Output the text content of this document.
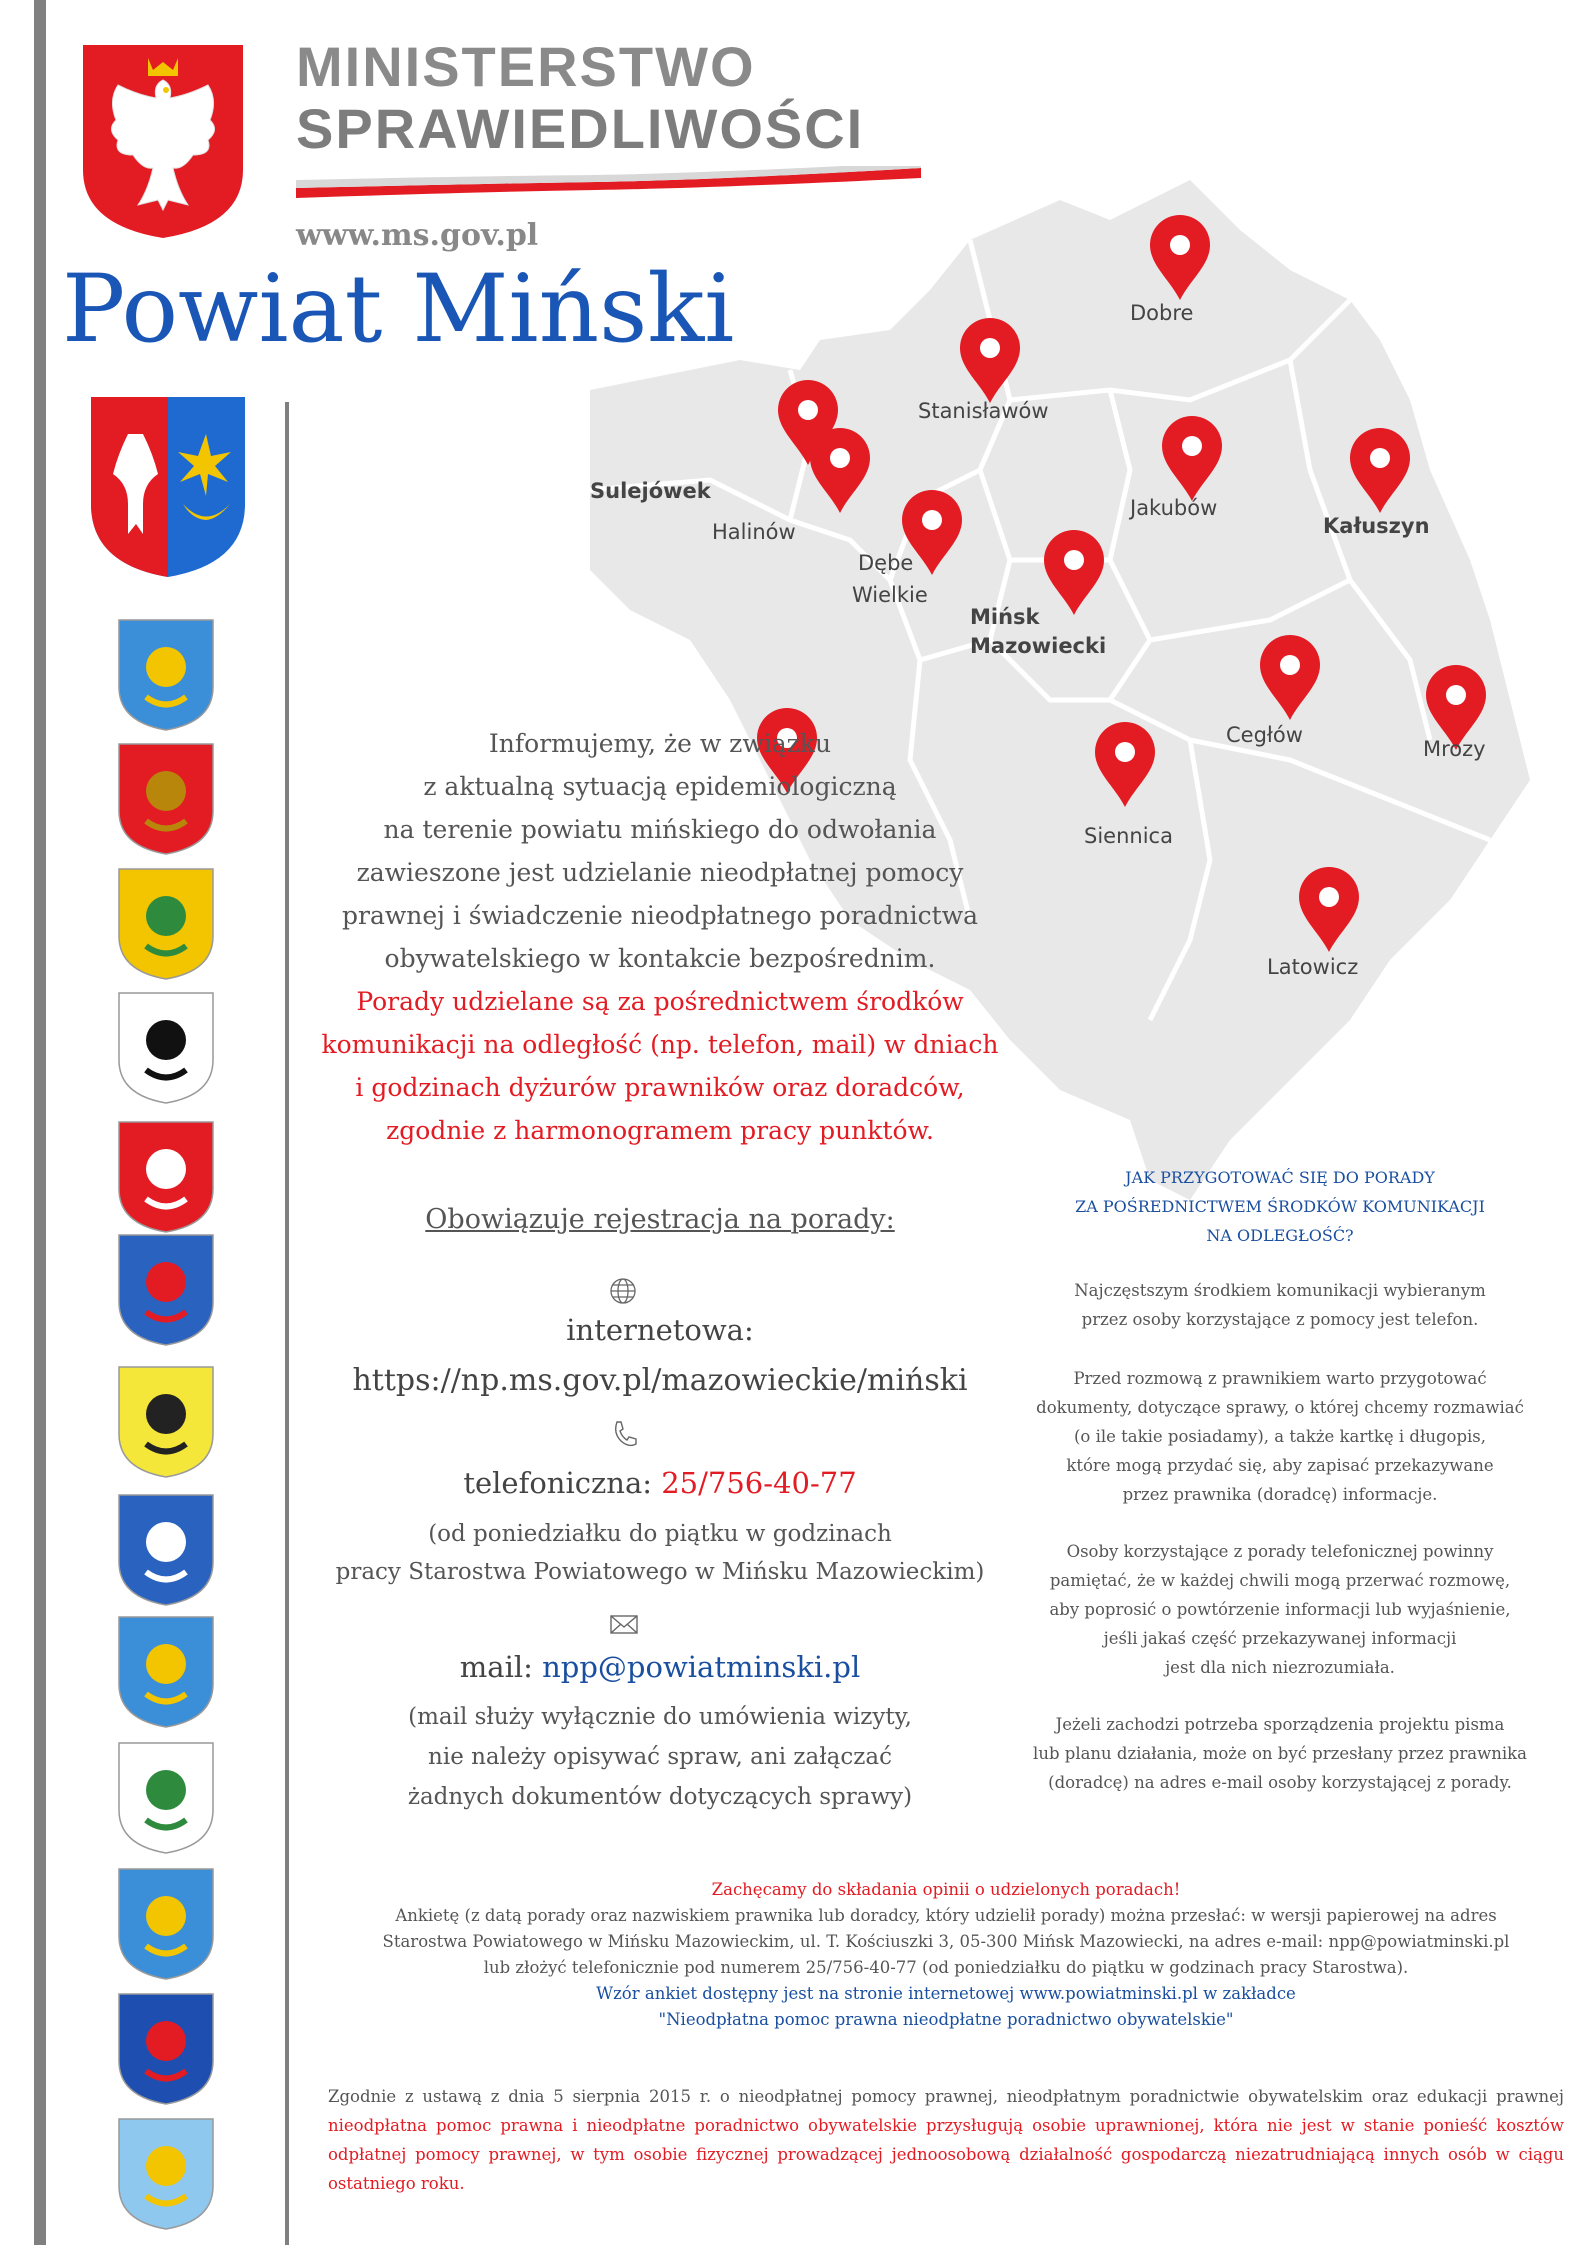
MINISTERSTWO
SPRAWIEDLIWOŚCI
www.ms.gov.pl
Powiat Miński	Dobre
Stanisławów
Sulejówek
Halinów
Jakubów
Kałuszyn
Dębe
Wielkie
Mińsk
Mazowiecki
Cegłów
Mrozy
Siennica
Latowicz
Informujemy, że w związku
z aktualną sytuacją epidemiologiczną
na terenie powiatu mińskiego do odwołania
zawieszone jest udzielanie nieodpłatnej pomocy
prawnej i świadczenie nieodpłatnego poradnictwa
obywatelskiego w kontakcie bezpośrednim.
Porady udzielane są za pośrednictwem środków
komunikacji na odległość (np. telefon, mail) w dniach
i godzinach dyżurów prawników oraz doradców,
zgodnie z harmonogramem pracy punktów.
Obowiązuje rejestracja na porady:
internetowa:
https://np.ms.gov.pl/mazowieckie/miński
telefoniczna: 25/756-40-77
(od poniedziałku do piątku w godzinach
pracy Starostwa Powiatowego w Mińsku Mazowieckim)
mail: npp@powiatminski.pl
(mail służy wyłącznie do umówienia wizyty,
nie należy opisywać spraw, ani załączać
żadnych dokumentów dotyczących sprawy)
JAK PRZYGOTOWAĆ SIĘ DO PORADY
ZA POŚREDNICTWEM ŚRODKÓW KOMUNIKACJI
NA ODLEGŁOŚĆ?
Najczęstszym środkiem komunikacji wybieranym
przez osoby korzystające z pomocy jest telefon.
Przed rozmową z prawnikiem warto przygotować
dokumenty, dotyczące sprawy, o której chcemy rozmawiać
(o ile takie posiadamy), a także kartkę i długopis,
które mogą przydać się, aby zapisać przekazywane
przez prawnika (doradcę) informacje.
Osoby korzystające z porady telefonicznej powinny
pamiętać, że w każdej chwili mogą przerwać rozmowę,
aby poprosić o powtórzenie informacji lub wyjaśnienie,
jeśli jakaś część przekazywanej informacji
jest dla nich niezrozumiała.
Jeżeli zachodzi potrzeba sporządzenia projektu pisma
lub planu działania, może on być przesłany przez prawnika
(doradcę) na adres e-mail osoby korzystającej z porady.
Zachęcamy do składania opinii o udzielonych poradach!
Ankietę (z datą porady oraz nazwiskiem prawnika lub doradcy, który udzielił porady) można przesłać: w wersji papierowej na adres
Starostwa Powiatowego w Mińsku Mazowieckim, ul. T. Kościuszki 3, 05-300 Mińsk Mazowiecki, na adres e-mail: npp@powiatminski.pl
lub złożyć telefonicznie pod numerem 25/756-40-77 (od poniedziałku do piątku w godzinach pracy Starostwa).
Wzór ankiet dostępny jest na stronie internetowej www.powiatminski.pl w zakładce
"Nieodpłatna pomoc prawna nieodpłatne poradnictwo obywatelskie"
Zgodnie z ustawą z dnia 5 sierpnia 2015 r. o nieodpłatnej pomocy prawnej, nieodpłatnym poradnictwie obywatelskim oraz edukacji prawnej nieodpłatna pomoc prawna i nieodpłatne poradnictwo obywatelskie przysługują osobie uprawnionej, która nie jest w stanie ponieść kosztów odpłatnej pomocy prawnej, w tym osobie fizycznej prowadzącej jednoosobową działalność gospodarczą niezatrudniającą innych osób w ciągu ostatniego roku.
